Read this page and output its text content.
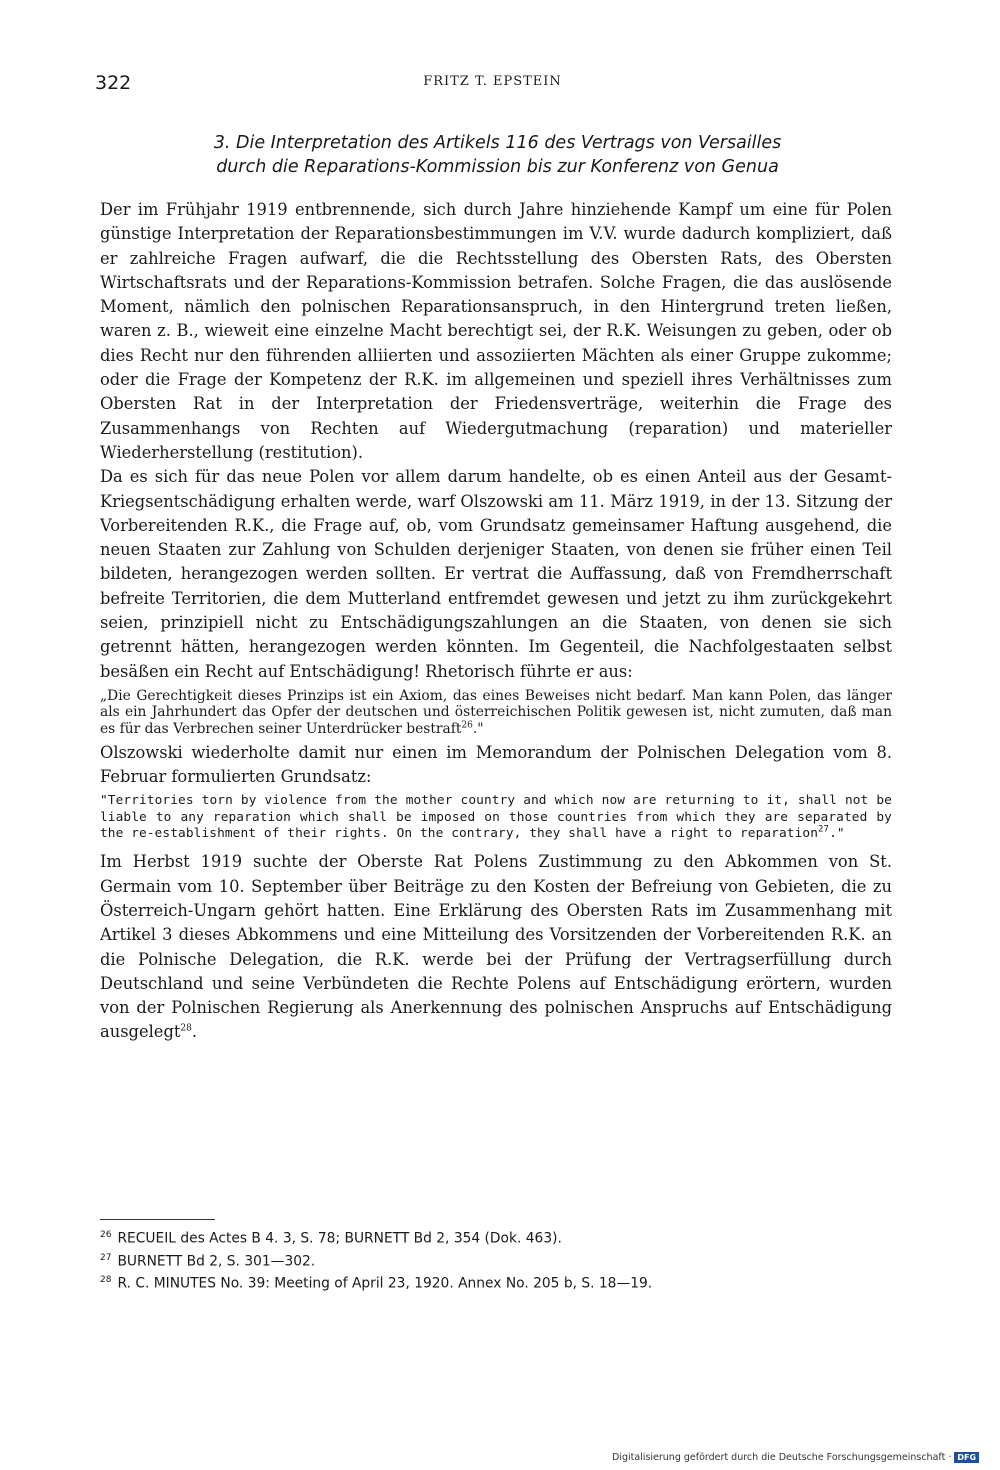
322	FRITZ T. EPSTEIN
3. Die Interpretation des Artikels 116 des Vertrags von Versailles
durch die Reparations-Kommission bis zur Konferenz von Genua

Der im Frühjahr 1919 entbrennende, sich durch Jahre hinziehende Kampf um eine für Polen günstige Interpretation der Reparationsbestimmungen im V.V. wurde dadurch kompliziert, daß er zahlreiche Fragen aufwarf, die die Rechtsstellung des Obersten Rats, des Obersten Wirtschaftsrats und der Reparations-Kommission betrafen. Solche Fragen, die das auslösende Moment, nämlich den polnischen Reparationsanspruch, in den Hintergrund treten ließen, waren z. B., wieweit eine einzelne Macht berechtigt sei, der R.K. Weisungen zu geben, oder ob dies Recht nur den führenden alliierten und assoziierten Mächten als einer Gruppe zukomme; oder die Frage der Kompetenz der R.K. im allgemeinen und speziell ihres Verhältnisses zum Obersten Rat in der Interpretation der Friedensverträge, weiterhin die Frage des Zusammenhangs von Rechten auf Wiedergutmachung (reparation) und materieller Wiederherstellung (restitution).

Da es sich für das neue Polen vor allem darum handelte, ob es einen Anteil aus der Gesamt-Kriegsentschädigung erhalten werde, warf Olszowski am 11. März 1919, in der 13. Sitzung der Vorbereitenden R.K., die Frage auf, ob, vom Grundsatz gemeinsamer Haftung ausgehend, die neuen Staaten zur Zahlung von Schulden derjeniger Staaten, von denen sie früher einen Teil bildeten, herangezogen werden sollten. Er vertrat die Auffassung, daß von Fremdherrschaft befreite Territorien, die dem Mutterland entfremdet gewesen und jetzt zu ihm zurückgekehrt seien, prinzipiell nicht zu Entschädigungszahlungen an die Staaten, von denen sie sich getrennt hätten, herangezogen werden könnten. Im Gegenteil, die Nachfolgestaaten selbst besäßen ein Recht auf Entschädigung! Rhetorisch führte er aus:

„Die Gerechtigkeit dieses Prinzips ist ein Axiom, das eines Beweises nicht bedarf. Man kann Polen, das länger als ein Jahrhundert das Opfer der deutschen und österreichischen Politik gewesen ist, nicht zumuten, daß man es für das Verbrechen seiner Unterdrücker bestraft$^{26}$."

Olszowski wiederholte damit nur einen im Memorandum der Polnischen Delegation vom 8. Februar formulierten Grundsatz:

"Territories torn by violence from the mother country and which now are returning to it, shall not be liable to any reparation which shall be imposed on those countries from which they are separated by the re-establishment of their rights. On the contrary, they shall have a right to reparation$^{27}$."

Im Herbst 1919 suchte der Oberste Rat Polens Zustimmung zu den Abkommen von St. Germain vom 10. September über Beiträge zu den Kosten der Befreiung von Gebieten, die zu Österreich-Ungarn gehört hatten. Eine Erklärung des Obersten Rats im Zusammenhang mit Artikel 3 dieses Abkommens und eine Mitteilung des Vorsitzenden der Vorbereitenden R.K. an die Polnische Delegation, die R.K. werde bei der Prüfung der Vertragserfüllung durch Deutschland und seine Verbündeten die Rechte Polens auf Entschädigung erörtern, wurden von der Polnischen Regierung als Anerkennung des polnischen Anspruchs auf Entschädigung ausgelegt$^{28}$.

$^{26}$ RECUEIL des Actes B 4. 3, S. 78; BURNETT Bd 2, 354 (Dok. 463).
$^{27}$ BURNETT Bd 2, S. 301—302.
$^{28}$ R. C. MINUTES No. 39: Meeting of April 23, 1920. Annex No. 205 b, S. 18—19.
Digitalisierung gefördert durch die Deutsche Forschungsgemeinschaft · DFG
